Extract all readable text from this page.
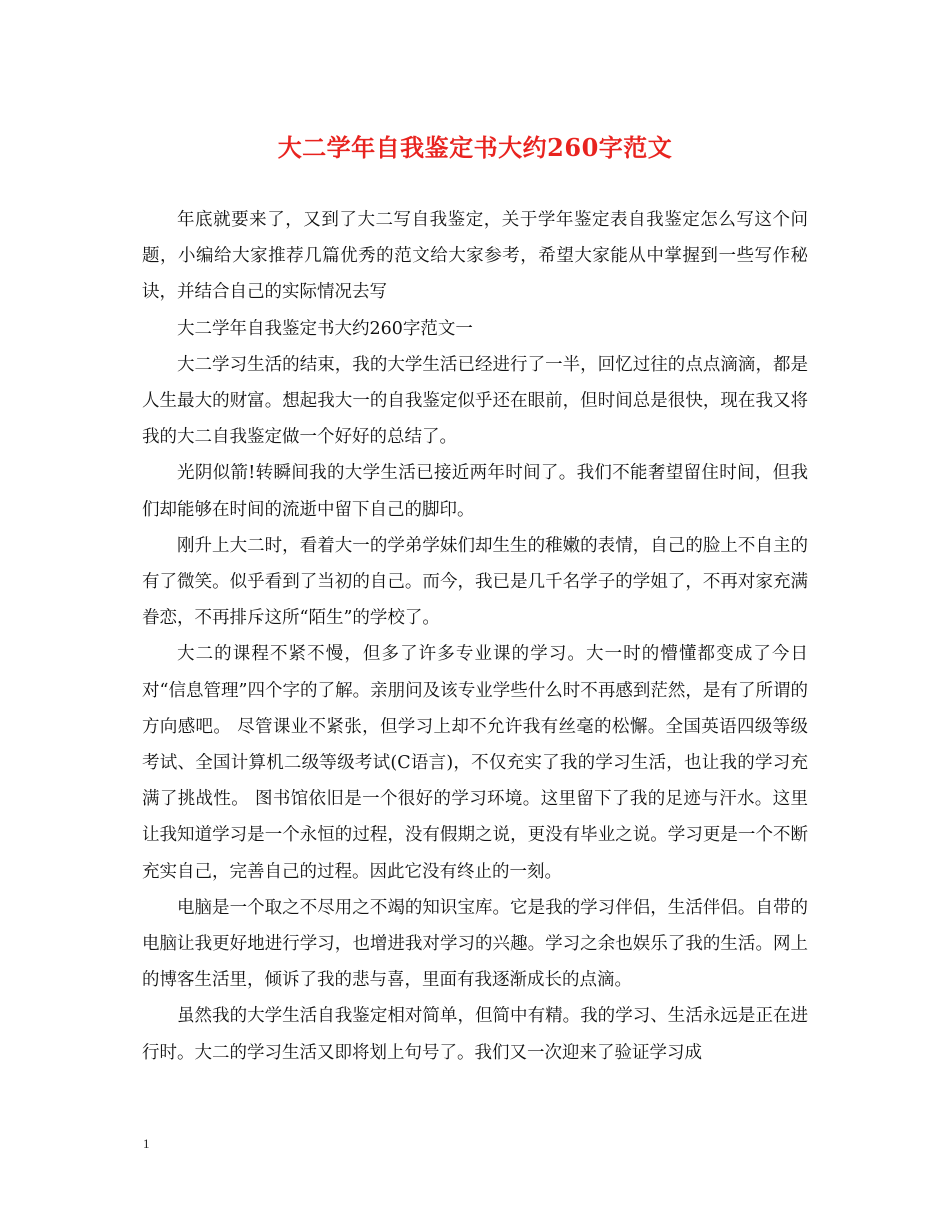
大二学年自我鉴定书大约260字范文

年底就要来了，又到了大二写自我鉴定，关于学年鉴定表自我鉴定怎么写这个问题，小编给大家推荐几篇优秀的范文给大家参考，希望大家能从中掌握到一些写作秘诀，并结合自己的实际情况去写

大二学年自我鉴定书大约260字范文一

大二学习生活的结束，我的大学生活已经进行了一半，回忆过往的点点滴滴，都是人生最大的财富。想起我大一的自我鉴定似乎还在眼前，但时间总是很快，现在我又将我的大二自我鉴定做一个好好的总结了。

光阴似箭!转瞬间我的大学生活已接近两年时间了。我们不能奢望留住时间，但我们却能够在时间的流逝中留下自己的脚印。

刚升上大二时，看着大一的学弟学妹们却生生的稚嫩的表情，自己的脸上不自主的有了微笑。似乎看到了当初的自己。而今，我已是几千名学子的学姐了，不再对家充满眷恋，不再排斥这所“陌生”的学校了。

大二的课程不紧不慢，但多了许多专业课的学习。大一时的懵懂都变成了今日对“信息管理”四个字的了解。亲朋问及该专业学些什么时不再感到茫然，是有了所谓的方向感吧。 尽管课业不紧张，但学习上却不允许我有丝毫的松懈。全国英语四级等级考试、全国计算机二级等级考试(C语言)，不仅充实了我的学习生活，也让我的学习充满了挑战性。 图书馆依旧是一个很好的学习环境。这里留下了我的足迹与汗水。这里让我知道学习是一个永恒的过程，没有假期之说，更没有毕业之说。学习更是一个不断充实自己，完善自己的过程。因此它没有终止的一刻。

电脑是一个取之不尽用之不竭的知识宝库。它是我的学习伴侣，生活伴侣。自带的电脑让我更好地进行学习，也增进我对学习的兴趣。学习之余也娱乐了我的生活。网上的博客生活里，倾诉了我的悲与喜，里面有我逐渐成长的点滴。

虽然我的大学生活自我鉴定相对简单，但简中有精。我的学习、生活永远是正在进行时。大二的学习生活又即将划上句号了。我们又一次迎来了验证学习成

1
